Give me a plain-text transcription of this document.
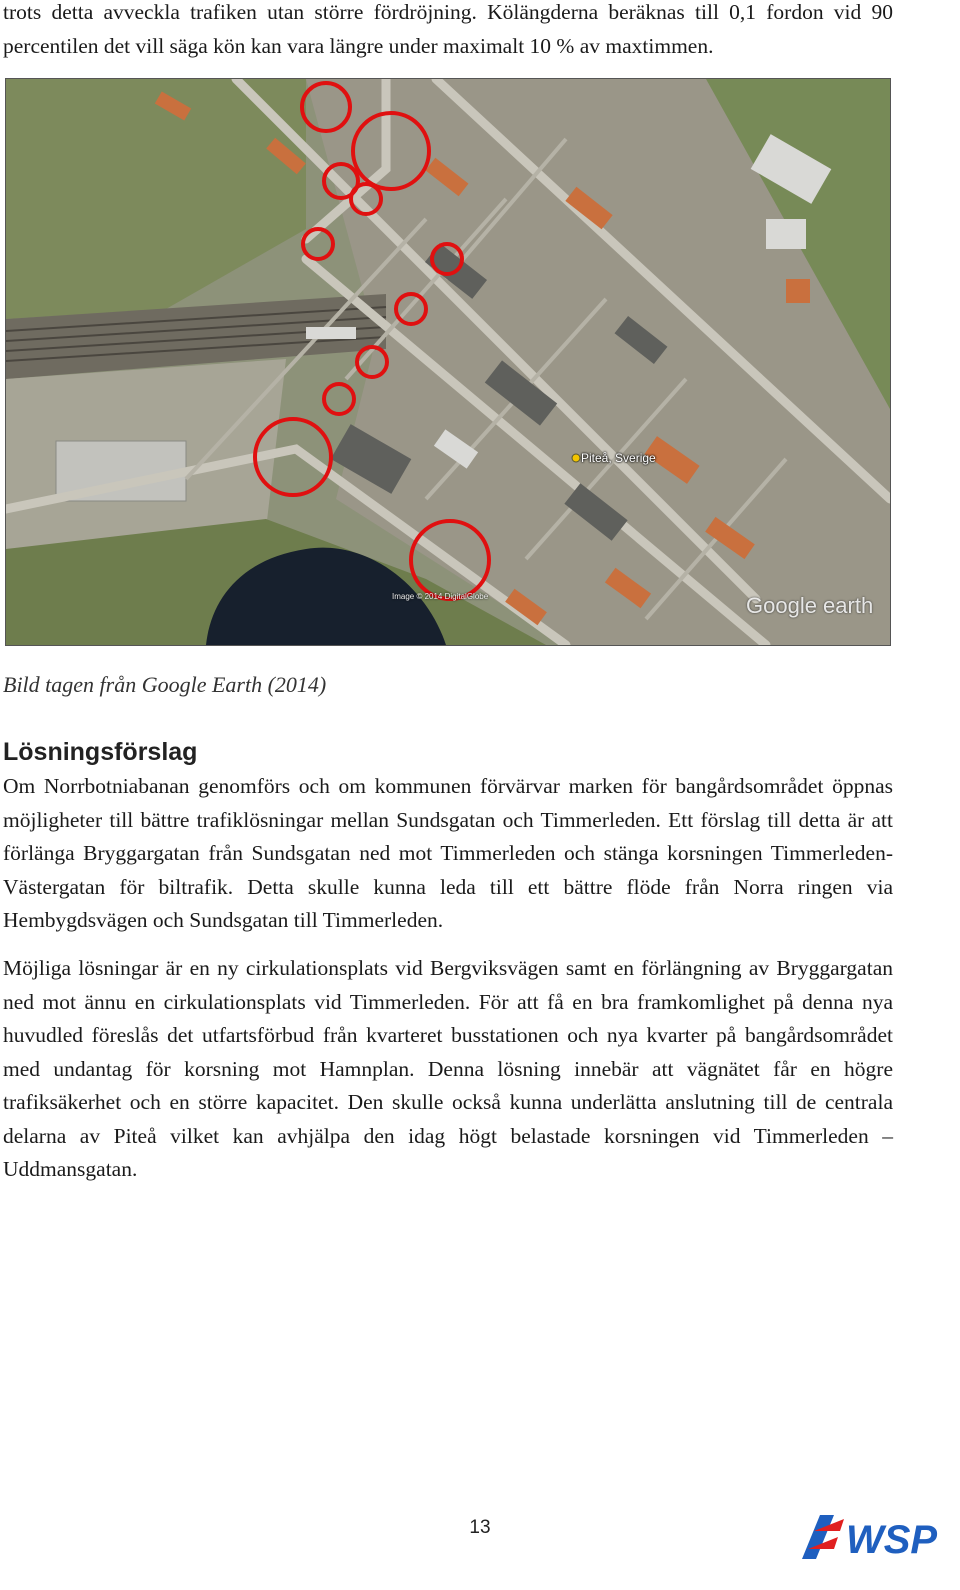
trots detta avveckla trafiken utan större fördröjning. Kölängderna beräknas till 0,1 fordon vid 90 percentilen det vill säga kön kan vara längre under maximalt 10 % av maxtimmen.

Piteå, Sverige
Image © 2014 DigitalGlobe	Google earth

Bild tagen från Google Earth (2014)

Lösningsförslag

Om Norrbotniabanan genomförs och om kommunen förvärvar marken för bangårdsområdet öppnas möjligheter till bättre trafiklösningar mellan Sundsgatan och Timmerleden. Ett förslag till detta är att förlänga Bryggargatan från Sundsgatan ned mot Timmerleden och stänga korsningen Timmerleden-Västergatan för biltrafik. Detta skulle kunna leda till ett bättre flöde från Norra ringen via Hembygdsvägen och Sundsgatan till Timmerleden.

Möjliga lösningar är en ny cirkulationsplats vid Bergviksvägen samt en förlängning av Bryggargatan ned mot ännu en cirkulationsplats vid Timmerleden. För att få en bra framkomlighet på denna nya huvudled föreslås det utfartsförbud från kvarteret busstationen och nya kvarter på bangårdsområdet med undantag för korsning mot Hamnplan. Denna lösning innebär att vägnätet får en högre trafiksäkerhet och en större kapacitet. Den skulle också kunna underlätta anslutning till de centrala delarna av Piteå vilket kan avhjälpa den idag högt belastade korsningen vid Timmerleden – Uddmansgatan.

13	WSP
